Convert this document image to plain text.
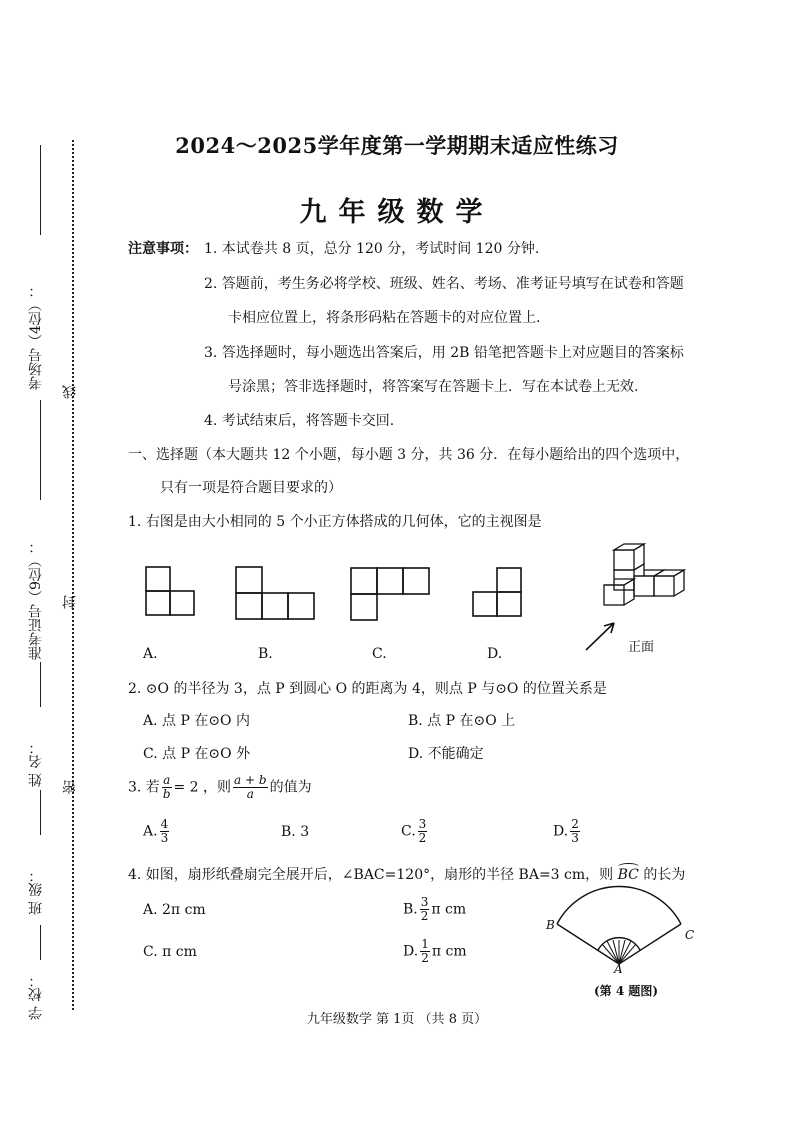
考场号（4位）：
准考证号（9位）：
姓 名：
班 级：
学 校：
线
封
密
2024～2025学年度第一学期期末适应性练习
九年级数学
注意事项： 1. 本试卷共 8 页，总分 120 分，考试时间 120 分钟.
2. 答题前，考生务必将学校、班级、姓名、考场、准考证号填写在试卷和答题
卡相应位置上，将条形码粘在答题卡的对应位置上.
3. 答选择题时，每小题选出答案后，用 2B 铅笔把答题卡上对应题目的答案标
号涂黑；答非选择题时，将答案写在答题卡上．写在本试卷上无效.
4. 考试结束后，将答题卡交回.
一、选择题（本大题共 12 个小题，每小题 3 分，共 36 分．在每小题给出的四个选项中，
只有一项是符合题目要求的）
1. 右图是由大小相同的 5 个小正方体搭成的几何体，它的主视图是
正面
A.	B.	C.	D.
2. ⊙O 的半径为 3，点 P 到圆心 O 的距离为 4，则点 P 与⊙O 的位置关系是
A. 点 P 在⊙O 内	B. 点 P 在⊙O 上
C. 点 P 在⊙O 外	D. 不能确定
3. 若 $\frac{a}{b} = 2$ ，则 $\frac{a + b}{a}$ 的值为
A. $\frac{4}{3}$	B. 3	C. $\frac{3}{2}$	D. $\frac{2}{3}$
4. 如图，扇形纸叠扇完全展开后，∠BAC=120°，扇形的半径 BA=3 cm，则 BC 的长为
A. 2π cm	B. $\frac{3}{2}$ π cm
C. π cm	D. $\frac{1}{2}$ π cm
B
C
A
(第 4 题图)
九年级数学 第 1页 （共 8 页）
